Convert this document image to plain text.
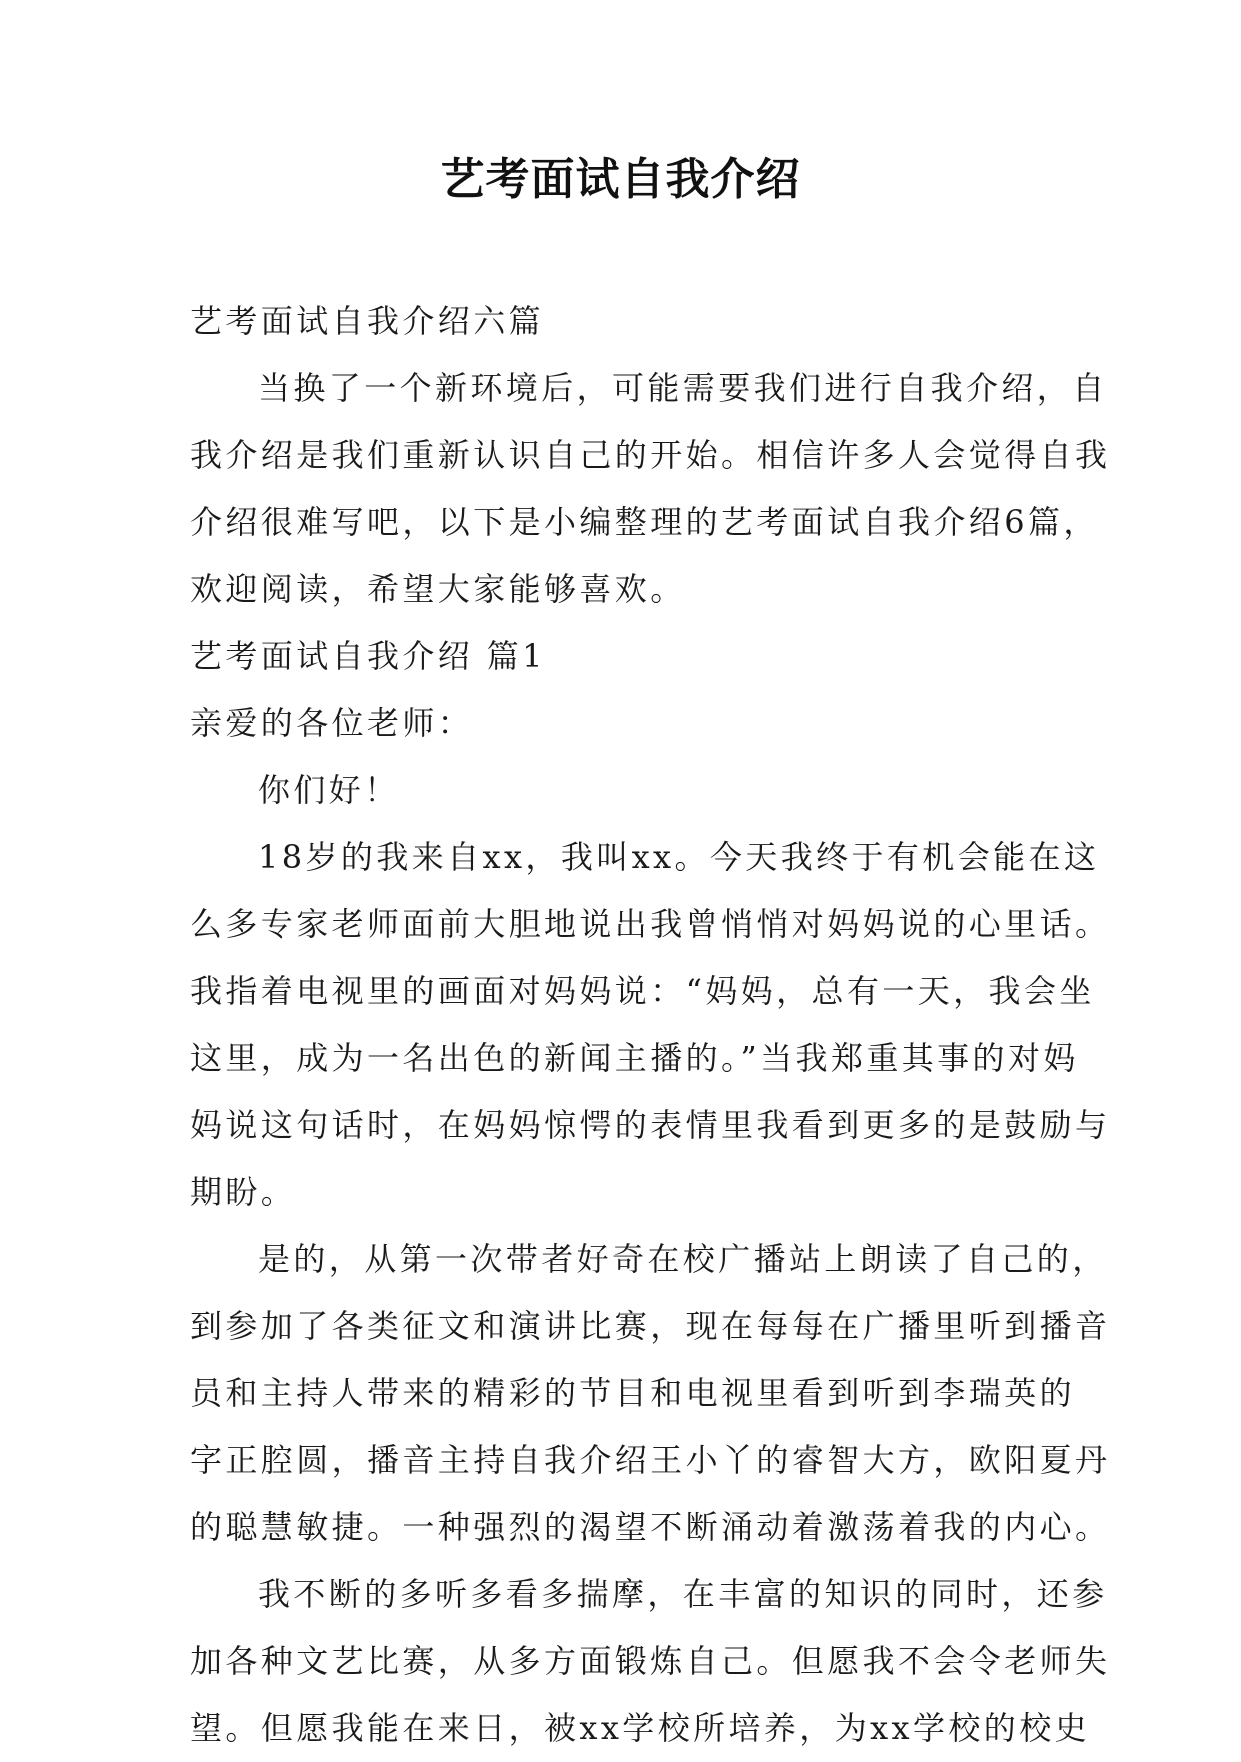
艺考面试自我介绍
艺考面试自我介绍六篇
当换了一个新环境后，可能需要我们进行自我介绍，自
我介绍是我们重新认识自己的开始。相信许多人会觉得自我
介绍很难写吧，以下是小编整理的艺考面试自我介绍6篇，
欢迎阅读，希望大家能够喜欢。
艺考面试自我介绍 篇1
亲爱的各位老师：
你们好！
18岁的我来自xx，我叫xx。今天我终于有机会能在这
么多专家老师面前大胆地说出我曾悄悄对妈妈说的心里话。
我指着电视里的画面对妈妈说：“妈妈，总有一天，我会坐
这里，成为一名出色的新闻主播的。”当我郑重其事的对妈
妈说这句话时，在妈妈惊愕的表情里我看到更多的是鼓励与
期盼。
是的，从第一次带者好奇在校广播站上朗读了自己的，
到参加了各类征文和演讲比赛，现在每每在广播里听到播音
员和主持人带来的精彩的节目和电视里看到听到李瑞英的
字正腔圆，播音主持自我介绍王小丫的睿智大方，欧阳夏丹
的聪慧敏捷。一种强烈的渴望不断涌动着激荡着我的内心。
我不断的多听多看多揣摩，在丰富的知识的同时，还参
加各种文艺比赛，从多方面锻炼自己。但愿我不会令老师失
望。但愿我能在来日，被xx学校所培养，为xx学校的校史
